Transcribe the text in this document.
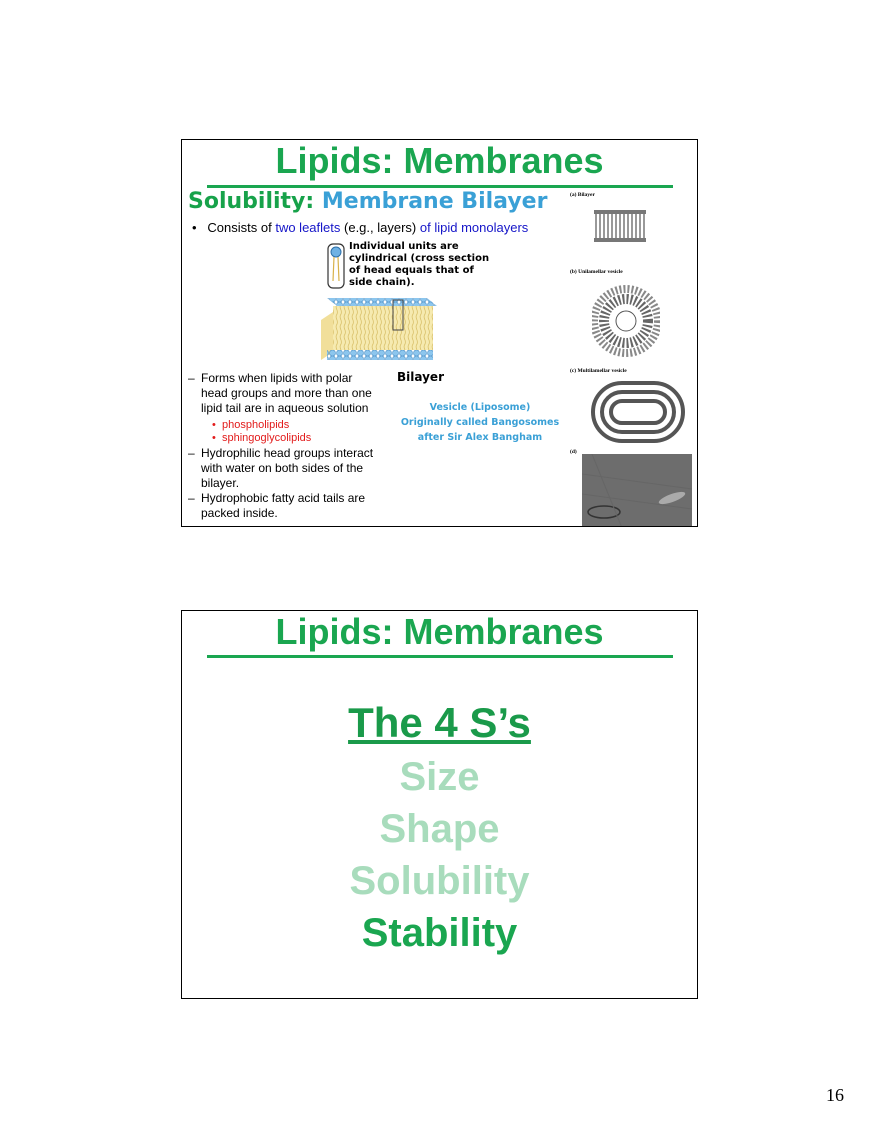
Lipids: Membranes
Solubility: Membrane Bilayer
• Consists of two leaflets (e.g., layers) of lipid monolayers
Individual units are
cylindrical (cross section
of head equals that of
side chain).
Bilayer
Vesicle (Liposome)
Originally called Bangosomes
after Sir Alex Bangham
– Forms when lipids with polar
head groups and more than one
lipid tail are in aqueous solution
• phospholipids
• sphingoglycolipids
– Hydrophilic head groups interact
with water on both sides of the
bilayer.
– Hydrophobic fatty acid tails are
packed inside.
(a) Bilayer
(b) Unilamellar vesicle
(c) Multilamellar vesicle
(d)
Lipids: Membranes
The 4 S’s
Size
Shape
Solubility
Stability
16
